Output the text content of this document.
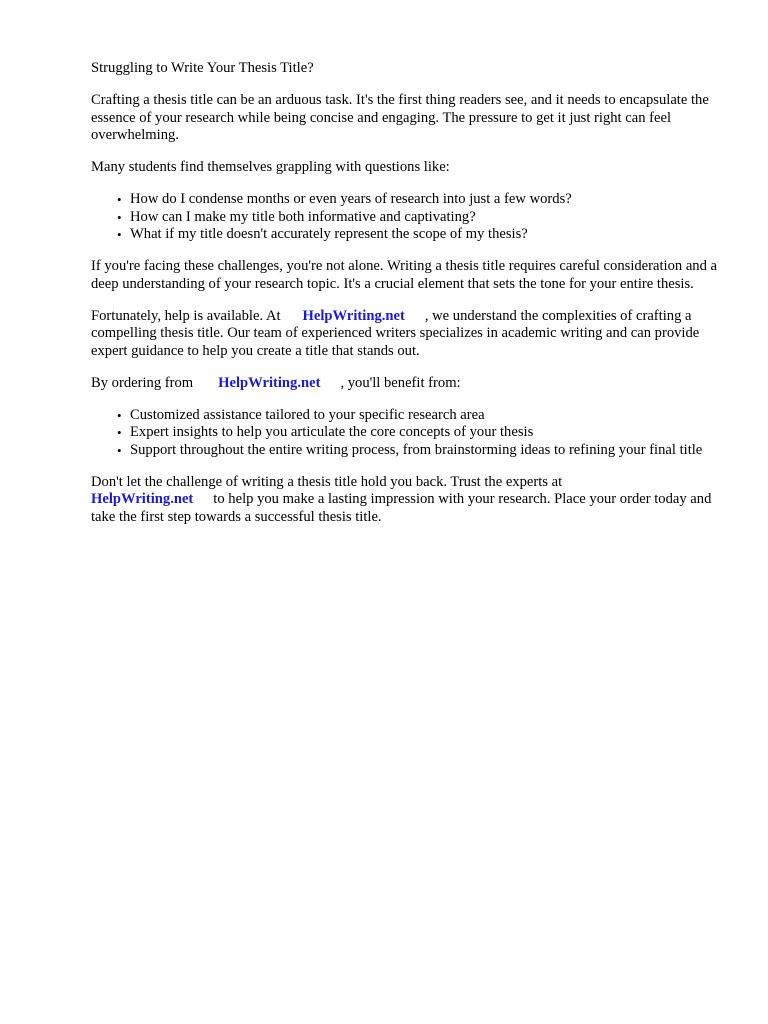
Struggling to Write Your Thesis Title?

Crafting a thesis title can be an arduous task. It's the first thing readers see, and it needs to encapsulate the essence of your research while being concise and engaging. The pressure to get it just right can feel overwhelming.

Many students find themselves grappling with questions like:

• How do I condense months or even years of research into just a few words?
• How can I make my title both informative and captivating?
• What if my title doesn't accurately represent the scope of my thesis?

If you're facing these challenges, you're not alone. Writing a thesis title requires careful consideration and a deep understanding of your research topic. It's a crucial element that sets the tone for your entire thesis.

Fortunately, help is available. At HelpWriting.net , we understand the complexities of crafting a compelling thesis title. Our team of experienced writers specializes in academic writing and can provide expert guidance to help you create a title that stands out.

By ordering from HelpWriting.net , you'll benefit from:

• Customized assistance tailored to your specific research area
• Expert insights to help you articulate the core concepts of your thesis
• Support throughout the entire writing process, from brainstorming ideas to refining your final title

Don't let the challenge of writing a thesis title hold you back. Trust the experts at
HelpWriting.net to help you make a lasting impression with your research. Place your order today and take the first step towards a successful thesis title.
